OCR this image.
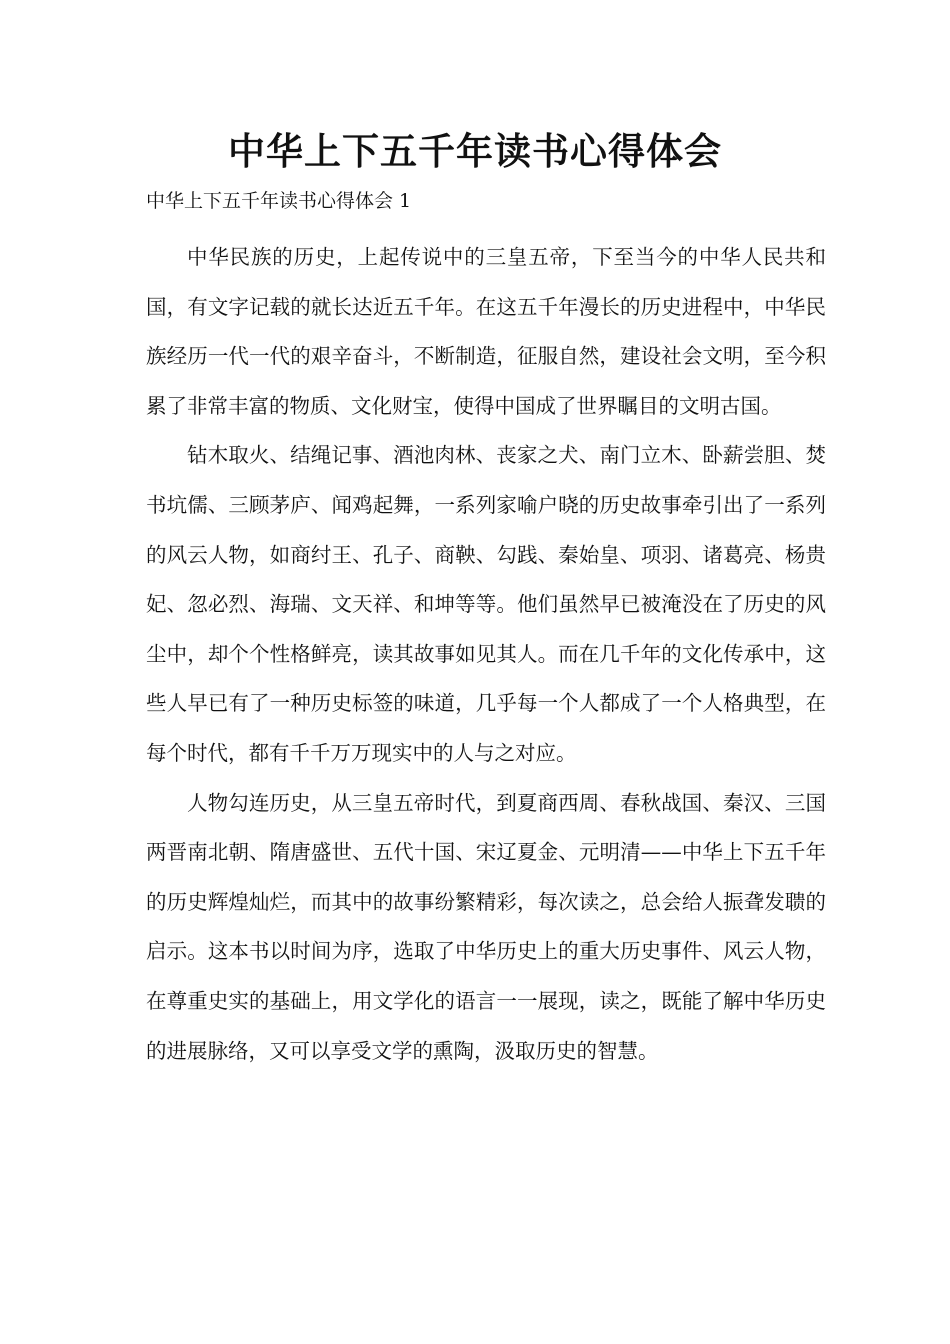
中华上下五千年读书心得体会

中华上下五千年读书心得体会 1

中华民族的历史，上起传说中的三皇五帝，下至当今的中华人民共和国，有文字记载的就长达近五千年。在这五千年漫长的历史进程中，中华民族经历一代一代的艰辛奋斗，不断制造，征服自然，建设社会文明，至今积累了非常丰富的物质、文化财宝，使得中国成了世界瞩目的文明古国。

钻木取火、结绳记事、酒池肉林、丧家之犬、南门立木、卧薪尝胆、焚书坑儒、三顾茅庐、闻鸡起舞，一系列家喻户晓的历史故事牵引出了一系列的风云人物，如商纣王、孔子、商鞅、勾践、秦始皇、项羽、诸葛亮、杨贵妃、忽必烈、海瑞、文天祥、和坤等等。他们虽然早已被淹没在了历史的风尘中，却个个性格鲜亮，读其故事如见其人。而在几千年的文化传承中，这些人早已有了一种历史标签的味道，几乎每一个人都成了一个人格典型，在每个时代，都有千千万万现实中的人与之对应。

人物勾连历史，从三皇五帝时代，到夏商西周、春秋战国、秦汉、三国两晋南北朝、隋唐盛世、五代十国、宋辽夏金、元明清——中华上下五千年的历史辉煌灿烂，而其中的故事纷繁精彩，每次读之，总会给人振聋发聩的启示。这本书以时间为序，选取了中华历史上的重大历史事件、风云人物，在尊重史实的基础上，用文学化的语言一一展现，读之，既能了解中华历史的进展脉络，又可以享受文学的熏陶，汲取历史的智慧。
